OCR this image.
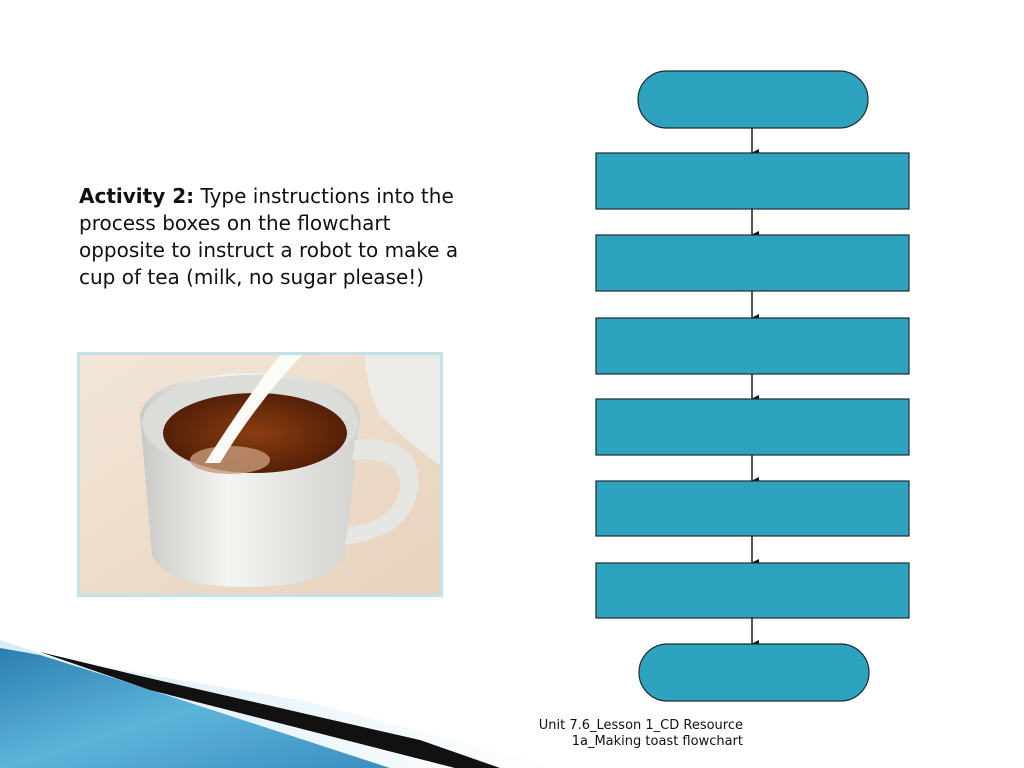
Activity 2: Type instructions into the process boxes on the flowchart opposite to instruct a robot to make a cup of tea (milk, no sugar please!)
Unit 7.6_Lesson 1_CD Resource
1a_Making toast flowchart
